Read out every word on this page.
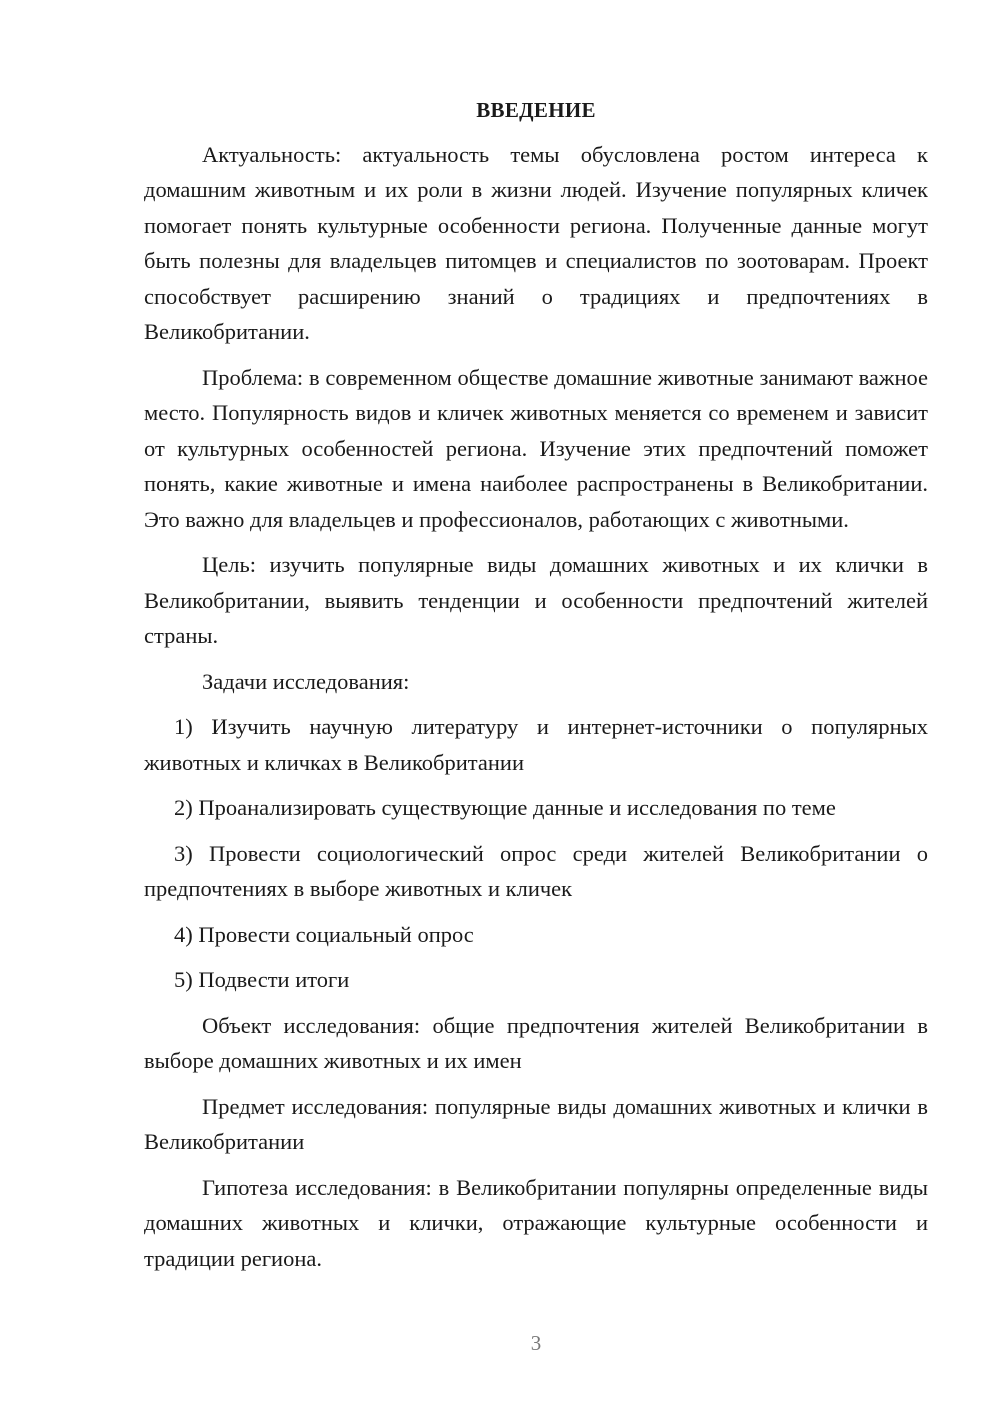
ВВЕДЕНИЕ

Актуальность: актуальность темы обусловлена ростом интереса к домашним животным и их роли в жизни людей. Изучение популярных кличек помогает понять культурные особенности региона. Полученные данные могут быть полезны для владельцев питомцев и специалистов по зоотоварам. Проект способствует расширению знаний о традициях и предпочтениях в Великобритании.

Проблема: в современном обществе домашние животные занимают важное место. Популярность видов и кличек животных меняется со временем и зависит от культурных особенностей региона. Изучение этих предпочтений поможет понять, какие животные и имена наиболее распространены в Великобритании. Это важно для владельцев и профессионалов, работающих с животными.

Цель: изучить популярные виды домашних животных и их клички в Великобритании, выявить тенденции и особенности предпочтений жителей страны.

Задачи исследования:

1) Изучить научную литературу и интернет-источники о популярных животных и кличках в Великобритании

2) Проанализировать существующие данные и исследования по теме

3) Провести социологический опрос среди жителей Великобритании о предпочтениях в выборе животных и кличек

4) Провести социальный опрос

5) Подвести итоги

Объект исследования: общие предпочтения жителей Великобритании в выборе домашних животных и их имен

Предмет исследования: популярные виды домашних животных и клички в Великобритании

Гипотеза исследования: в Великобритании популярны определенные виды домашних животных и клички, отражающие культурные особенности и традиции региона.

3
